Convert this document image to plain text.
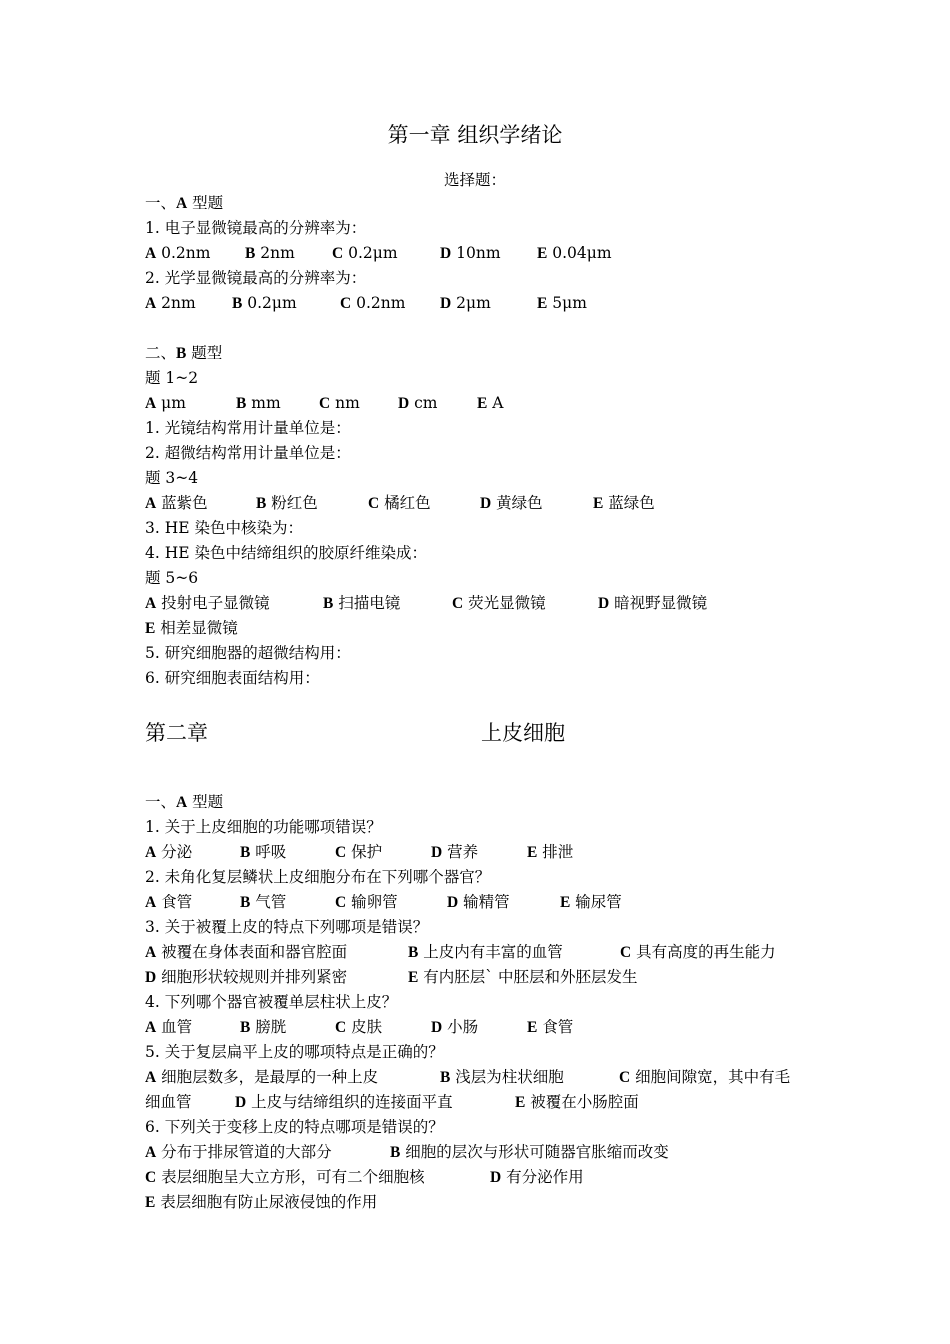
第一章 组织学绪论
选择题：
一、A 型题
1. 电子显微镜最高的分辨率为：
A 0.2nm B 2nm C 0.2μm	D 10nm E 0.04μm
2. 光学显微镜最高的分辨率为：
A 2nm B 0.2μm	C 0.2nm D 2μm	E 5μm
二、B 题型
题 1~2
A μm	B mm C nm D cm	E A
1. 光镜结构常用计量单位是：
2. 超微结构常用计量单位是：
题 3~4
A 蓝紫色	B 粉红色	C 橘红色	D 黄绿色	E 蓝绿色
3. HE 染色中核染为：
4. HE 染色中结缔组织的胶原纤维染成：
题 5~6
A 投射电子显微镜	B 扫描电镜	C 荧光显微镜	D 暗视野显微镜
E 相差显微镜
5. 研究细胞器的超微结构用：
6. 研究细胞表面结构用：
第二章	上皮细胞
一、A 型题
1. 关于上皮细胞的功能哪项错误？
A 分泌	B 呼吸	C 保护	D 营养	E 排泄
2. 未角化复层鳞状上皮细胞分布在下列哪个器官？
A 食管	B 气管	C 输卵管	D 输精管	E 输尿管
3. 关于被覆上皮的特点下列哪项是错误？
A 被覆在身体表面和器官腔面	B 上皮内有丰富的血管	C 具有高度的再生能力
D 细胞形状较规则并排列紧密	E 有内胚层` 中胚层和外胚层发生
4. 下列哪个器官被覆单层柱状上皮？
A 血管	B 膀胱	C 皮肤	D 小肠	E 食管
5. 关于复层扁平上皮的哪项特点是正确的？
A 细胞层数多，是最厚的一种上皮	B 浅层为柱状细胞	C 细胞间隙宽，其中有毛
细血管	D 上皮与结缔组织的连接面平直	E 被覆在小肠腔面
6. 下列关于变移上皮的特点哪项是错误的？
A 分布于排尿管道的大部分	B 细胞的层次与形状可随器官胀缩而改变
C 表层细胞呈大立方形，可有二个细胞核	D 有分泌作用
E 表层细胞有防止尿液侵蚀的作用
